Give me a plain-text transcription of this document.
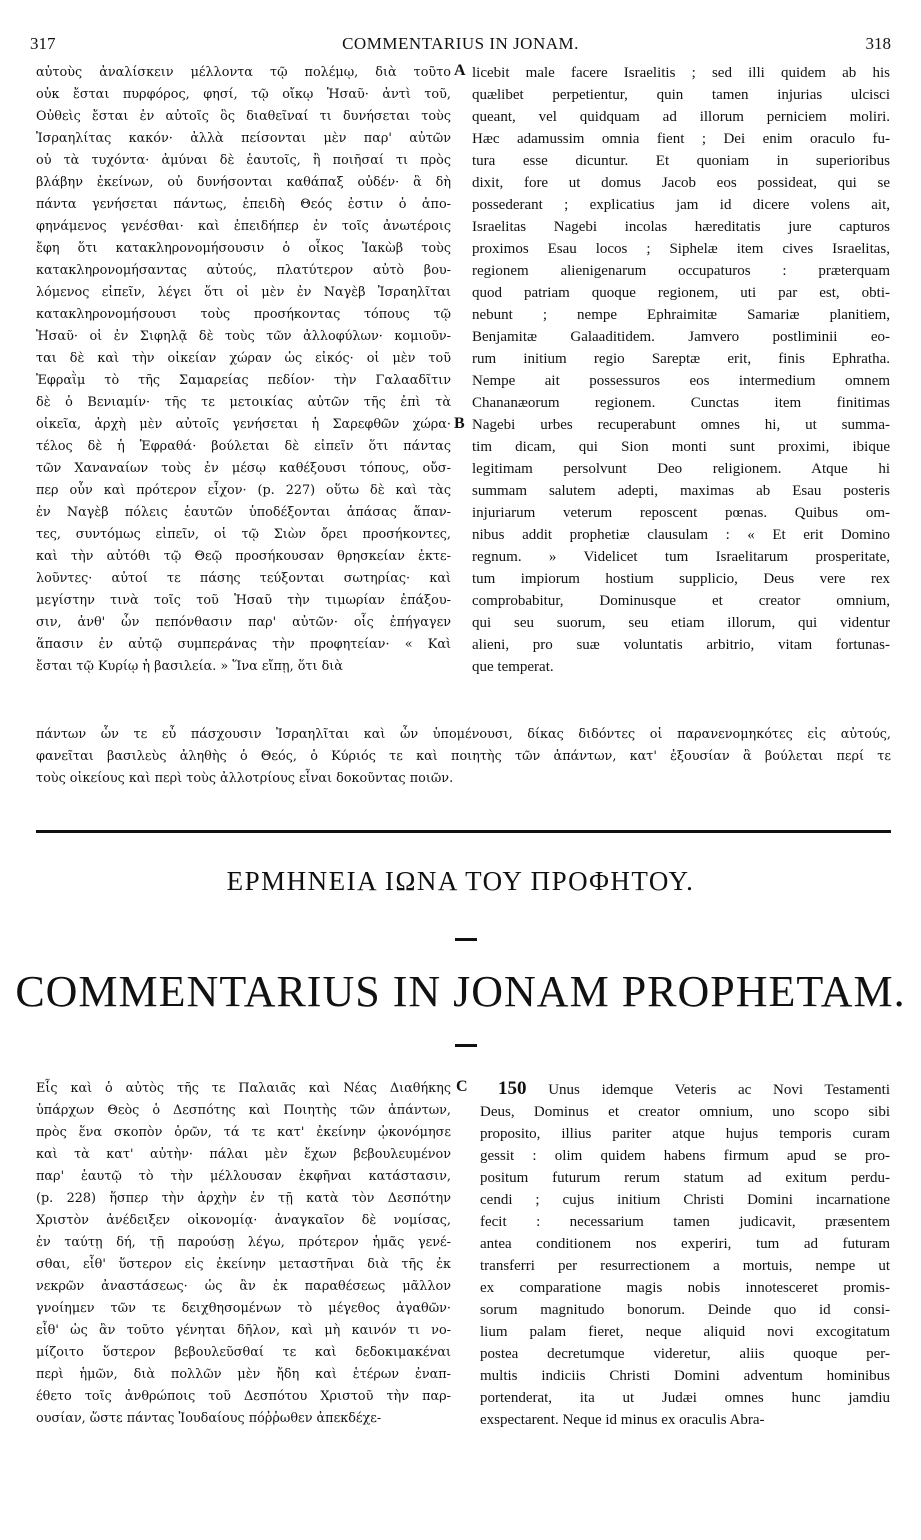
317	COMMENTARIUS IN JONAM.	318
αὐτοὺς ἀναλίσκειν μέλλοντα τῷ πολέμῳ, διὰ τοῦτο
οὐκ ἔσται πυρφόρος, φησί, τῷ οἴκῳ Ἡσαῦ· ἀντὶ τοῦ,
Οὐθεὶς ἔσται ἐν αὐτοῖς ὃς διαθεῖναί τι δυνήσεται τοὺς
Ἰσραηλίτας κακόν· ἀλλὰ πείσονται μὲν παρ' αὐτῶν
οὐ τὰ τυχόντα· ἀμύναι δὲ ἑαυτοῖς, ἢ ποιῆσαί τι πρὸς
βλάβην ἐκείνων, οὐ δυνήσονται καθάπαξ οὐδέν· ἃ δὴ
πάντα γενήσεται πάντως, ἐπειδὴ Θεός ἐστιν ὁ ἀπο-
φηνάμενος γενέσθαι· καὶ ἐπειδήπερ ἐν τοῖς ἀνωτέροις
ἔφη ὅτι κατακληρονομήσουσιν ὁ οἶκος Ἰακὼβ τοὺς
κατακληρονομήσαντας αὐτούς, πλατύτερον αὐτὸ βου-
λόμενος εἰπεῖν, λέγει ὅτι οἱ μὲν ἐν Ναγὲβ Ἰσραηλῖται
κατακληρονομήσουσι τοὺς προσήκοντας τόπους τῷ
Ἡσαῦ· οἱ ἐν Σιφηλᾷ δὲ τοὺς τῶν ἀλλοφύλων· κομιοῦν-
ται δὲ καὶ τὴν οἰκείαν χώραν ὡς εἰκός· οἱ μὲν τοῦ
Ἐφραῒμ τὸ τῆς Σαμαρείας πεδίον· τὴν Γαλααδῖτιν
δὲ ὁ Βενιαμίν· τῆς τε μετοικίας αὐτῶν τῆς ἐπὶ τὰ
οἰκεῖα, ἀρχὴ μὲν αὐτοῖς γενήσεται ἡ Σαρεφθῶν χώρα·
τέλος δὲ ἡ Ἐφραθά· βούλεται δὲ εἰπεῖν ὅτι πάντας
τῶν Χαναναίων τοὺς ἐν μέσῳ καθέξουσι τόπους, οὔσ-
περ οὖν καὶ πρότερον εἶχον· (p. 227) οὕτω δὲ καὶ τὰς
ἐν Ναγὲβ πόλεις ἑαυτῶν ὑποδέξονται ἁπάσας ἅπαν-
τες, συντόμως εἰπεῖν, οἱ τῷ Σιὼν ὄρει προσήκοντες,
καὶ τὴν αὐτόθι τῷ Θεῷ προσήκουσαν θρησκείαν ἐκτε-
λοῦντες· αὐτοί τε πάσης τεύξονται σωτηρίας· καὶ
μεγίστην τινὰ τοῖς τοῦ Ἡσαῦ τὴν τιμωρίαν ἐπάξου-
σιν, ἀνθ' ὧν πεπόνθασιν παρ' αὐτῶν· οἷς ἐπήγαγεν
ἅπασιν ἐν αὐτῷ συμπεράνας τὴν προφητείαν· « Καὶ
ἔσται τῷ Κυρίῳ ἡ βασιλεία. » Ἵνα εἴπῃ, ὅτι διὰ
A
B
licebit male facere Israelitis ; sed illi quidem ab his
quælibet perpetientur, quin tamen injurias ulcisci
queant, vel quidquam ad illorum perniciem moliri.
Hæc adamussim omnia fient ; Dei enim oraculo fu-
tura esse dicuntur. Et quoniam in superioribus
dixit, fore ut domus Jacob eos possideat, qui se
possederant ; explicatius jam id dicere volens ait,
Israelitas Nagebi incolas hæreditatis jure capturos
proximos Esau locos ; Siphelæ item cives Israelitas,
regionem alienigenarum occupaturos : præterquam
quod patriam quoque regionem, uti par est, obti-
nebunt ; nempe Ephraimitæ Samariæ planitiem,
Benjamitæ Galaaditidem. Jamvero postliminii eo-
rum initium regio Sareptæ erit, finis Ephratha.
Nempe ait possessuros eos intermedium omnem
Chananæorum regionem. Cunctas item finitimas
Nagebi urbes recuperabunt omnes hi, ut summa-
tim dicam, qui Sion monti sunt proximi, ibique
legitimam persolvunt Deo religionem. Atque hi
summam salutem adepti, maximas ab Esau posteris
injuriarum veterum reposcent pœnas. Quibus om-
nibus addit prophetiæ clausulam : « Et erit Domino
regnum. » Videlicet tum Israelitarum prosperitate,
tum impiorum hostium supplicio, Deus vere rex
comprobabitur, Dominusque et creator omnium,
qui seu suorum, seu etiam illorum, qui videntur
alieni, pro suæ voluntatis arbitrio, vitam fortunas-
que temperat.
πάντων ὧν τε εὖ πάσχουσιν Ἰσραηλῖται καὶ ὧν ὑπομένουσι, δίκας διδόντες οἱ παρανενομηκότες εἰς αὐτούς,
φανεῖται βασιλεὺς ἀληθὴς ὁ Θεός, ὁ Κύριός τε καὶ ποιητὴς τῶν ἁπάντων, κατ' ἐξουσίαν ἃ βούλεται περί τε
τοὺς οἰκείους καὶ περὶ τοὺς ἀλλοτρίους εἶναι δοκοῦντας ποιῶν.
ΕΡΜΗΝΕΙΑ ΙΩΝΑ ΤΟΥ ΠΡΟΦΗΤΟΥ.
COMMENTARIUS IN JONAM PROPHETAM.
Εἷς καὶ ὁ αὐτὸς τῆς τε Παλαιᾶς καὶ Νέας Διαθήκης
ὑπάρχων Θεὸς ὁ Δεσπότης καὶ Ποιητὴς τῶν ἁπάντων,
πρὸς ἕνα σκοπὸν ὁρῶν, τά τε κατ' ἐκείνην ᾠκονόμησε
καὶ τὰ κατ' αὐτὴν· πάλαι μὲν ἔχων βεβουλευμένον
παρ' ἑαυτῷ τὸ τὴν μέλλουσαν ἐκφῆναι κατάστασιν,
(p. 228) ἥσπερ τὴν ἀρχὴν ἐν τῇ κατὰ τὸν Δεσπότην
Χριστὸν ἀνέδειξεν οἰκονομίᾳ· ἀναγκαῖον δὲ νομίσας,
ἐν ταύτῃ δή, τῇ παρούσῃ λέγω, πρότερον ἡμᾶς γενέ-
σθαι, εἶθ' ὕστερον εἰς ἐκείνην μεταστῆναι διὰ τῆς ἐκ
νεκρῶν ἀναστάσεως· ὡς ἂν ἐκ παραθέσεως μᾶλλον
γνοίημεν τῶν τε δειχθησομένων τὸ μέγεθος ἀγαθῶν·
εἶθ' ὡς ἂν τοῦτο γένηται δῆλον, καὶ μὴ καινόν τι νο-
μίζοιτο ὕστερον βεβουλεῦσθαί τε καὶ δεδοκιμακέναι
περὶ ἡμῶν, διὰ πολλῶν μὲν ἤδη καὶ ἑτέρων ἐναπ-
έθετο τοῖς ἀνθρώποις τοῦ Δεσπότου Χριστοῦ τὴν παρ-
ουσίαν, ὥστε πάντας Ἰουδαίους πόῤῥωθεν ἀπεκδέχε-
C	150 Unus idemque Veteris ac Novi Testamenti
Deus, Dominus et creator omnium, uno scopo sibi
proposito, illius pariter atque hujus temporis curam
gessit : olim quidem habens firmum apud se pro-
positum futurum rerum statum ad exitum perdu-
cendi ; cujus initium Christi Domini incarnatione
fecit : necessarium tamen judicavit, præsentem
antea conditionem nos experiri, tum ad futuram
transferri per resurrectionem a mortuis, nempe ut
ex comparatione magis nobis innotesceret promis-
sorum magnitudo bonorum. Deinde quo id consi-
lium palam fieret, neque aliquid novi excogitatum
postea decretumque videretur, aliis quoque per-
multis indiciis Christi Domini adventum hominibus
portenderat, ita ut Judæi omnes hunc jamdiu
exspectarent. Neque id minus ex oraculis Abra-
